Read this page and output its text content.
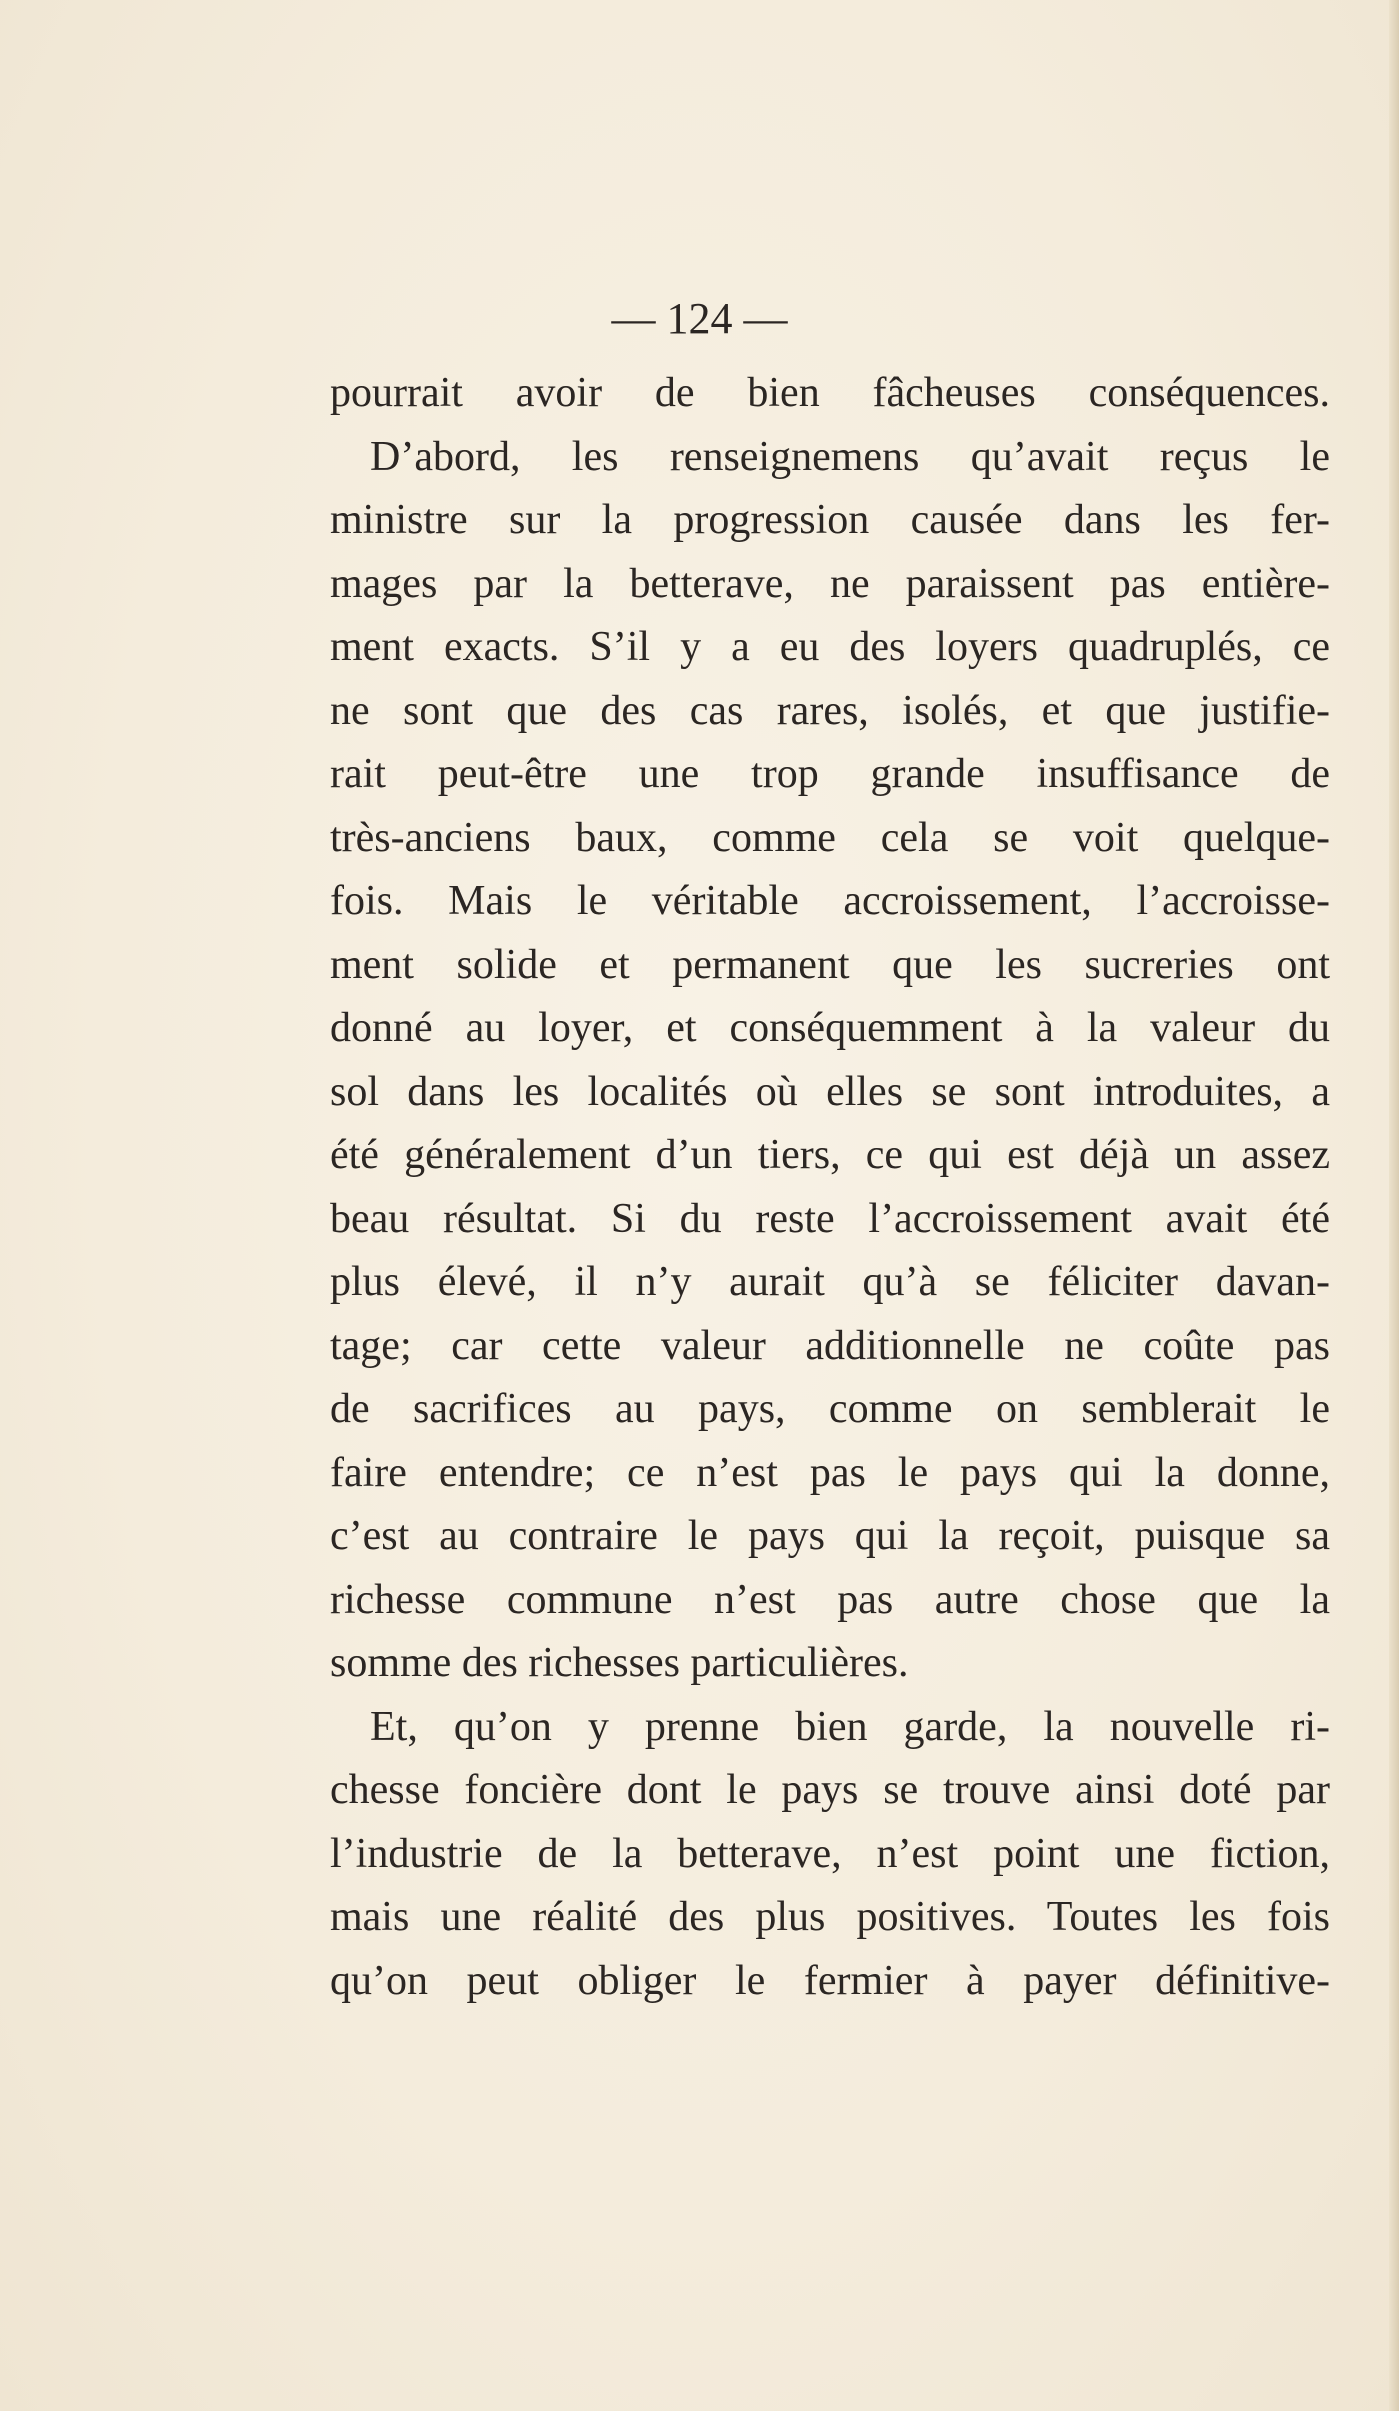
— 124 —
pourrait avoir de bien fâcheuses conséquences.
D’abord, les renseignemens qu’avait reçus le
ministre sur la progression causée dans les fer-
mages par la betterave, ne paraissent pas entière-
ment exacts. S’il y a eu des loyers quadruplés, ce
ne sont que des cas rares, isolés, et que justifie-
rait peut-être une trop grande insuffisance de
très-anciens baux, comme cela se voit quelque-
fois. Mais le véritable accroissement, l’accroisse-
ment solide et permanent que les sucreries ont
donné au loyer, et conséquemment à la valeur du
sol dans les localités où elles se sont introduites, a
été généralement d’un tiers, ce qui est déjà un assez
beau résultat. Si du reste l’accroissement avait été
plus élevé, il n’y aurait qu’à se féliciter davan-
tage; car cette valeur additionnelle ne coûte pas
de sacrifices au pays, comme on semblerait le
faire entendre; ce n’est pas le pays qui la donne,
c’est au contraire le pays qui la reçoit, puisque sa
richesse commune n’est pas autre chose que la
somme des richesses particulières.
Et, qu’on y prenne bien garde, la nouvelle ri-
chesse foncière dont le pays se trouve ainsi doté par
l’industrie de la betterave, n’est point une fiction,
mais une réalité des plus positives. Toutes les fois
qu’on peut obliger le fermier à payer définitive-
